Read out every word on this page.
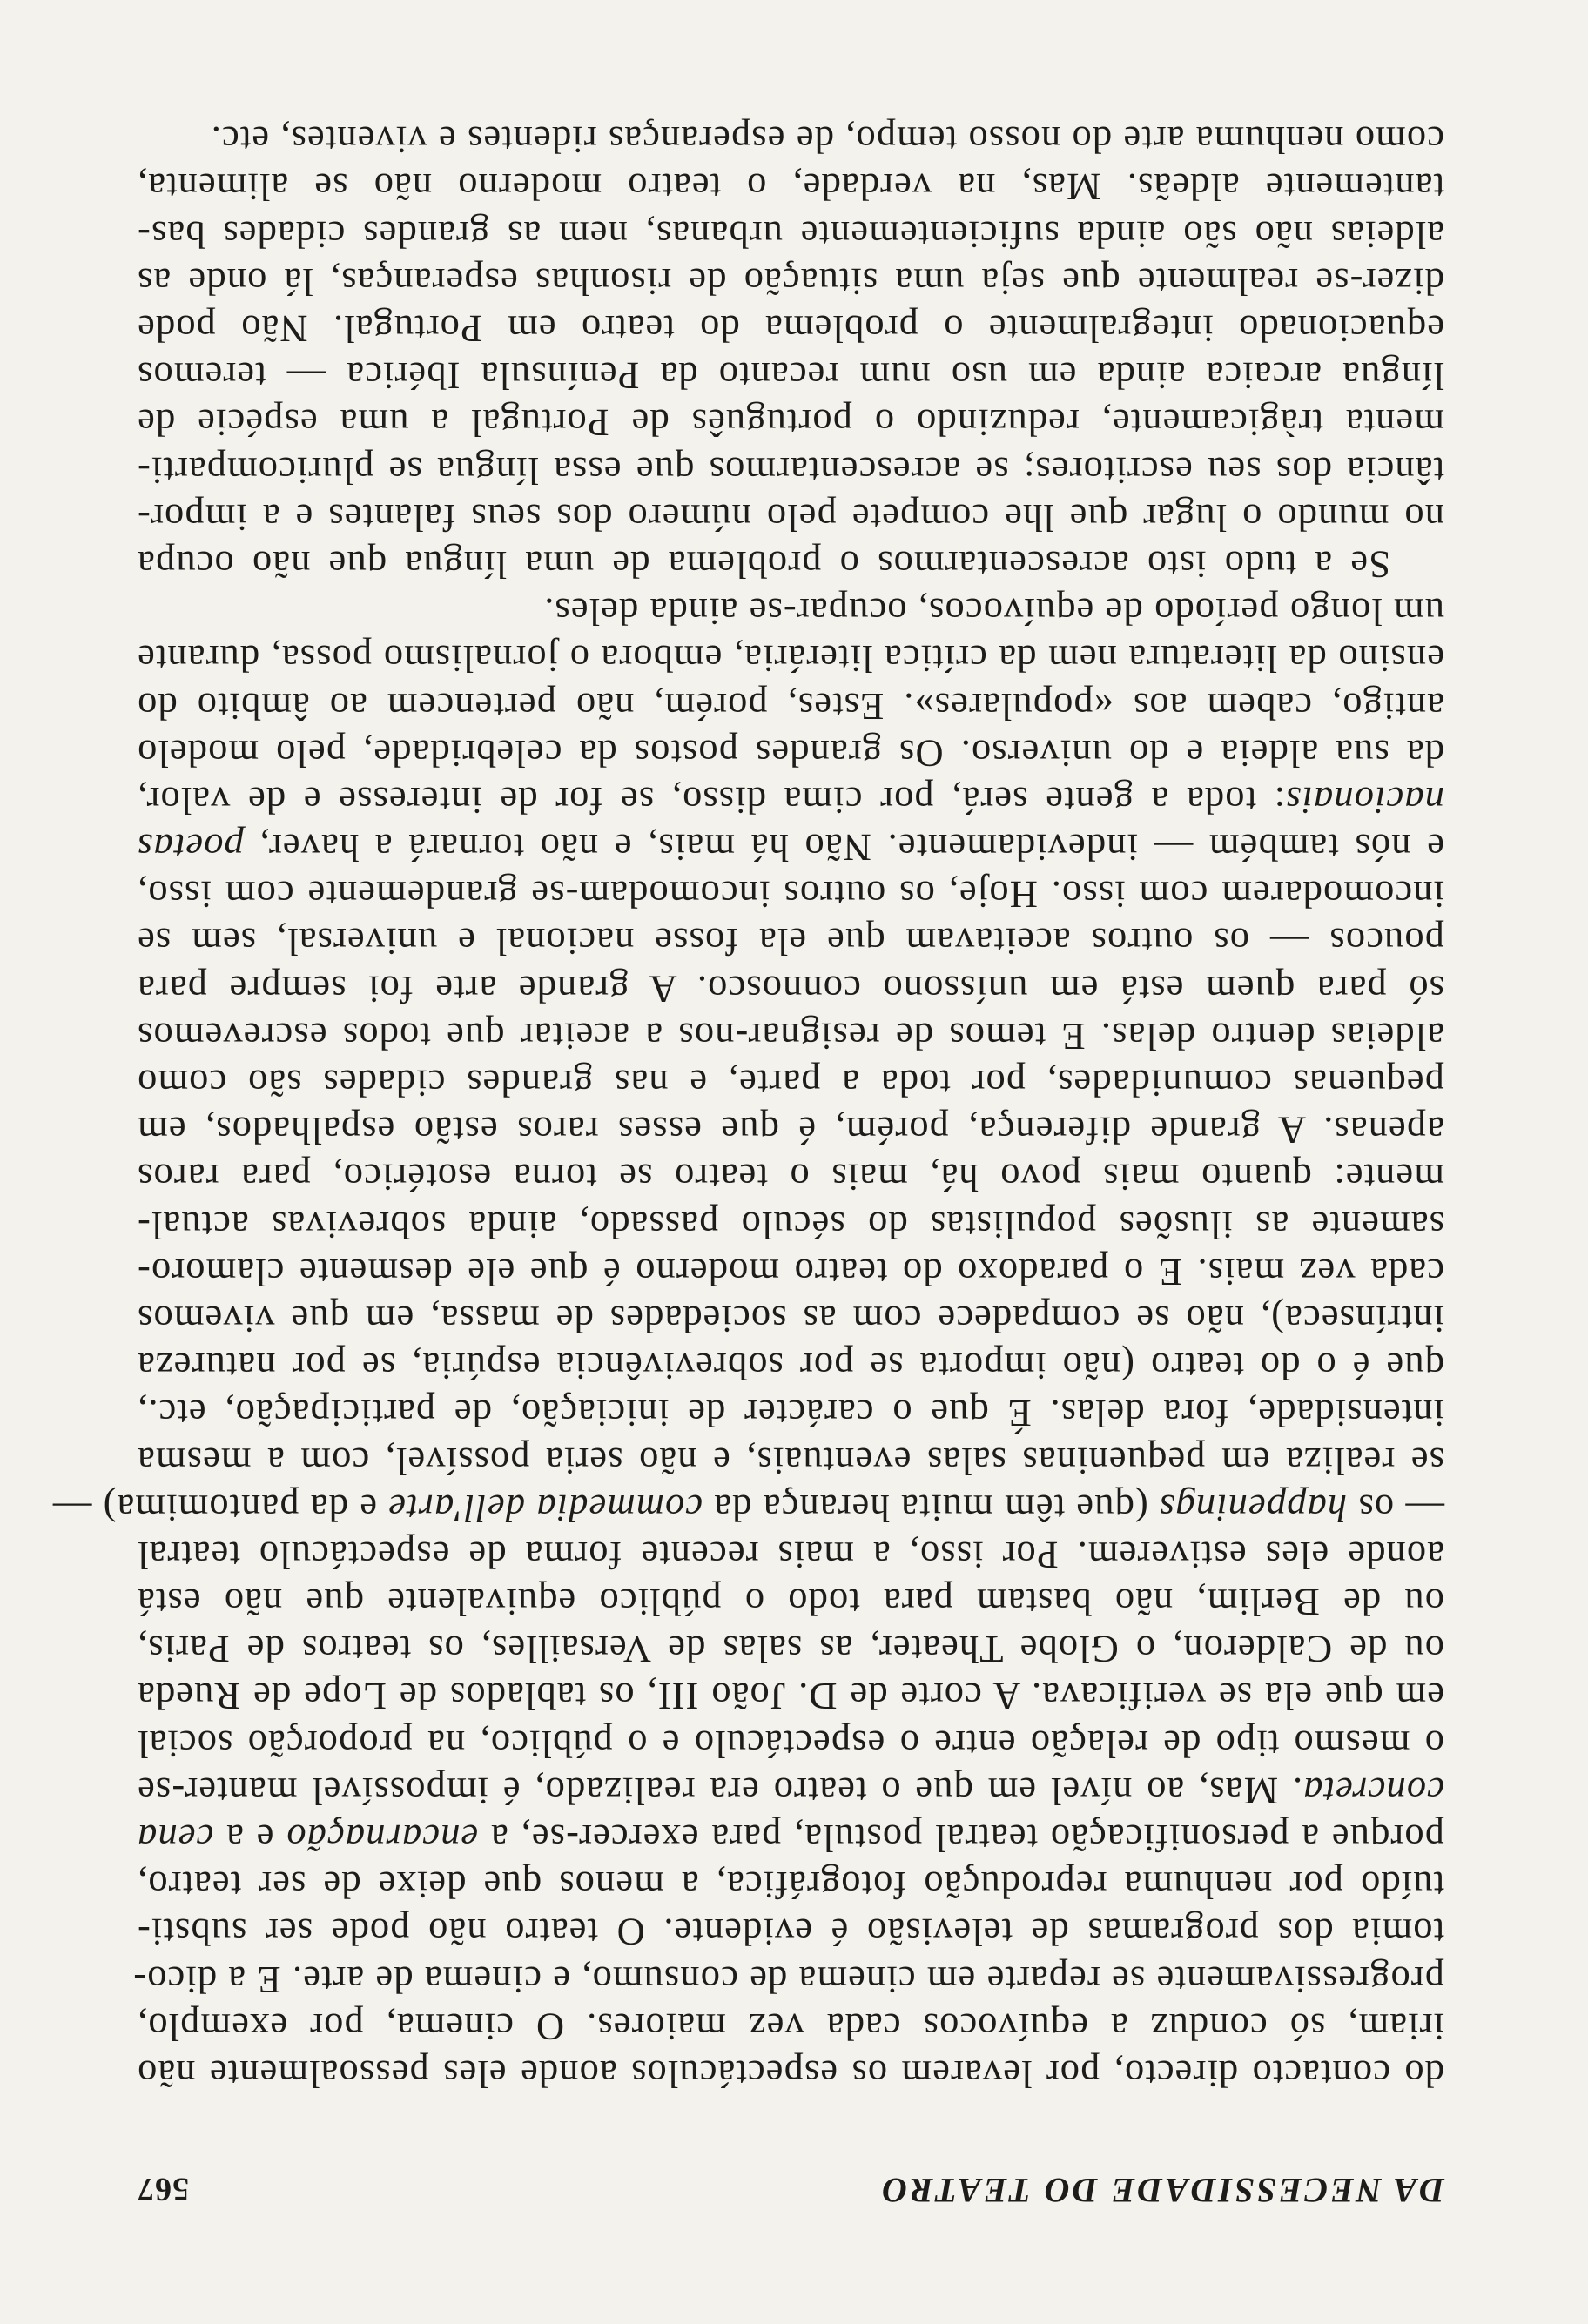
DA NECESSIDADE DO TEATRO
567
do contacto directo, por levarem os espectáculos aonde eles pessoalmente não
iriam, só conduz a equívocos cada vez maiores. O cinema, por exemplo,
progressivamente se reparte em cinema de consumo, e cinema de arte. E a dico-
tomia dos programas de televisão é evidente. O teatro não pode ser substi-
tuído por nenhuma reprodução fotográfica, a menos que deixe de ser teatro,
porque a personificação teatral postula, para exercer-se, a encarnação e a cena
concreta. Mas, ao nível em que o teatro era realizado, é impossível manter-se
o mesmo tipo de relação entre o espectáculo e o público, na proporção social
em que ela se verificava. A corte de D. João III, os tablados de Lope de Rueda
ou de Calderon, o Globe Theater, as salas de Versailles, os teatros de Paris,
ou de Berlim, não bastam para todo o público equivalente que não está
aonde eles estiverem. Por isso, a mais recente forma de espectáculo teatral
— os happenings (que têm muita herança da commedia dell'arte e da pantomima) —
se realiza em pequeninas salas eventuais, e não seria possível, com a mesma
intensidade, fora delas. É que o carácter de iniciação, de participação, etc.,
que é o do teatro (não importa se por sobrevivência espúria, se por natureza
intrínseca), não se compadece com as sociedades de massa, em que vivemos
cada vez mais. E o paradoxo do teatro moderno é que ele desmente clamoro-
samente as ilusões populistas do século passado, ainda sobrevivas actual-
mente: quanto mais povo há, mais o teatro se torna esotérico, para raros
apenas. A grande diferença, porém, é que esses raros estão espalhados, em
pequenas comunidades, por toda a parte, e nas grandes cidades são como
aldeias dentro delas. E temos de resignar-nos a aceitar que todos escrevemos
só para quem está em uníssono connosco. A grande arte foi sempre para
poucos — os outros aceitavam que ela fosse nacional e universal, sem se
incomodarem com isso. Hoje, os outros incomodam-se grandemente com isso,
e nós também — indevidamente. Não há mais, e não tornará a haver, poetas
nacionais: toda a gente será, por cima disso, se for de interesse e de valor,
da sua aldeia e do universo. Os grandes postos da celebridade, pelo modelo
antigo, cabem aos «populares». Estes, porém, não pertencem ao âmbito do
ensino da literatura nem da crítica literária, embora o jornalismo possa, durante
um longo período de equívocos, ocupar-se ainda deles.
Se a tudo isto acrescentarmos o problema de uma língua que não ocupa
no mundo o lugar que lhe compete pelo número dos seus falantes e a impor-
tância dos seu escritores; se acrescentarmos que essa língua se pluricomparti-
menta tràgicamente, reduzindo o português de Portugal a uma espécie de
língua arcaica ainda em uso num recanto da Península Ibérica — teremos
equacionado integralmente o problema do teatro em Portugal. Não pode
dizer-se realmente que seja uma situação de risonhas esperanças, lá onde as
aldeias não são ainda suficientemente urbanas, nem as grandes cidades bas-
tantemente aldeãs. Mas, na verdade, o teatro moderno não se alimenta,
como nenhuma arte do nosso tempo, de esperanças ridentes e viventes, etc.
